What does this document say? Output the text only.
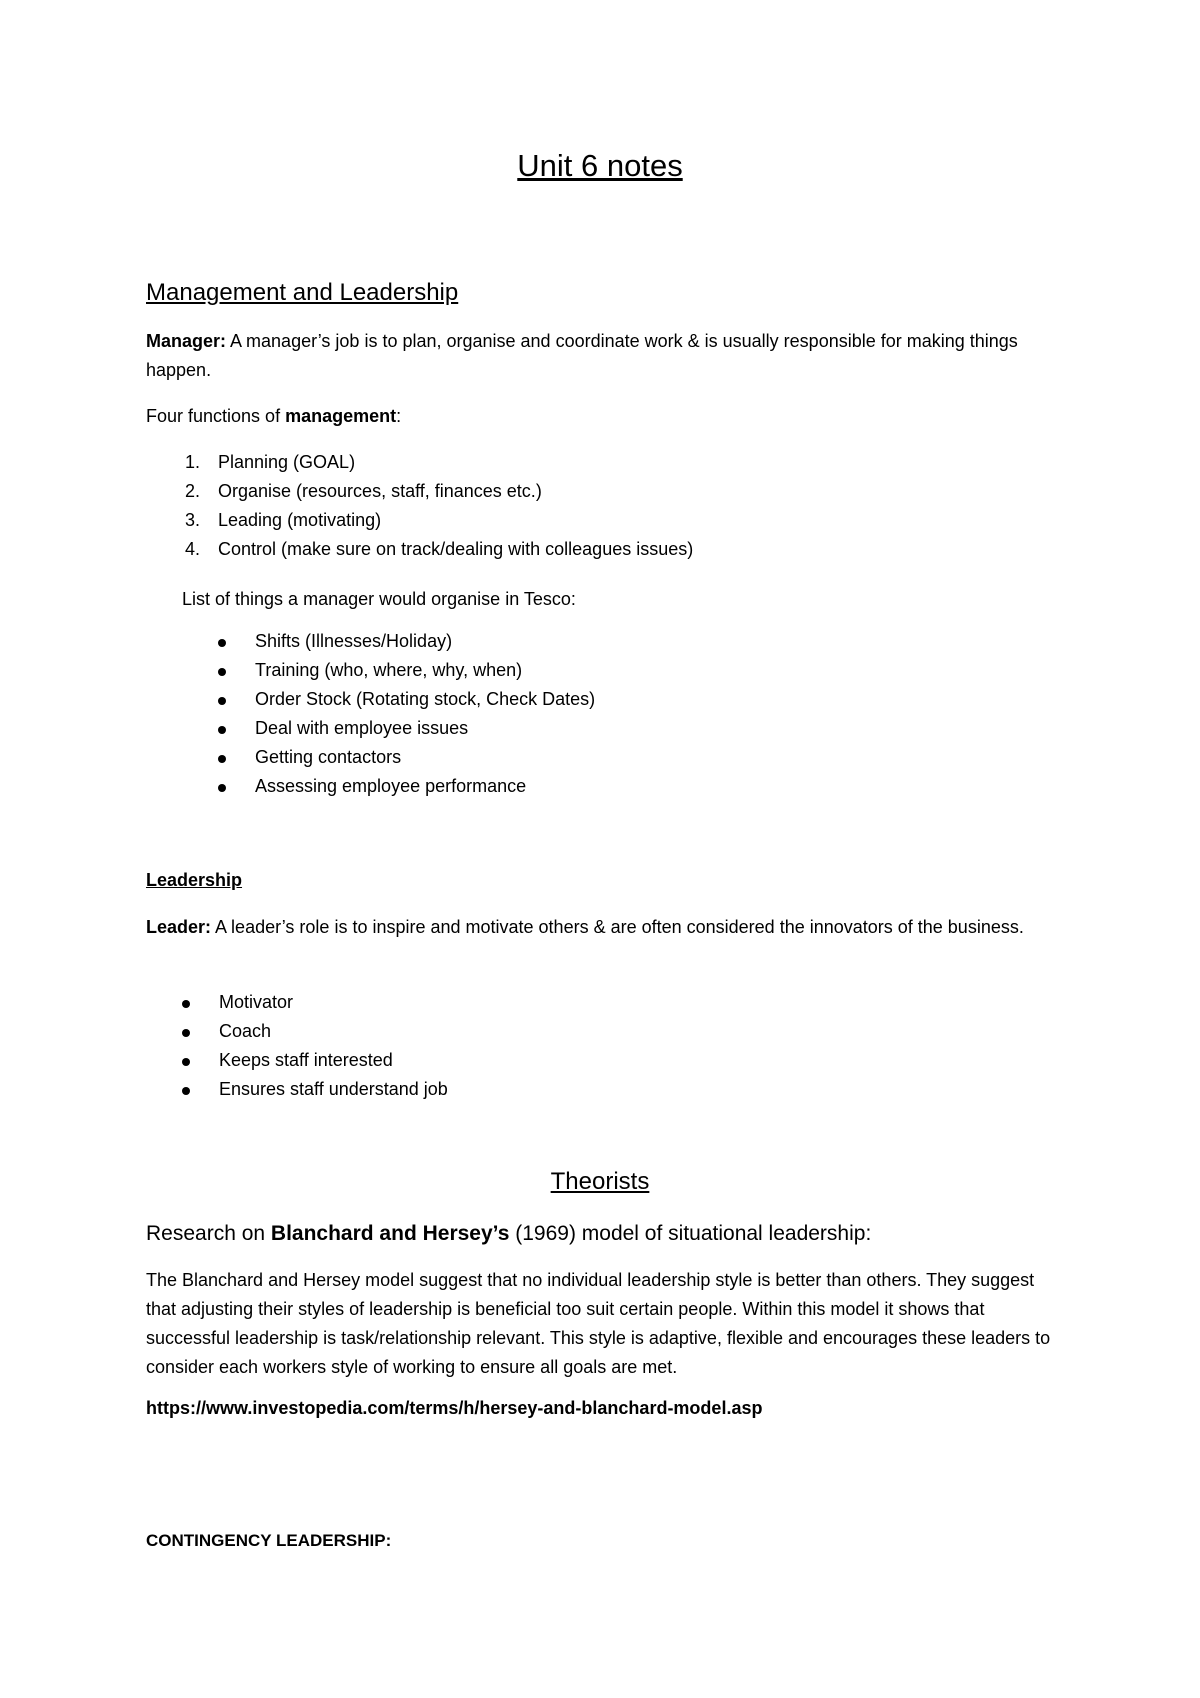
Unit 6 notes
Management and Leadership
Manager: A manager’s job is to plan, organise and coordinate work & is usually responsible for making things happen.
Four functions of management:
1. Planning (GOAL)
2. Organise (resources, staff, finances etc.)
3. Leading (motivating)
4. Control (make sure on track/dealing with colleagues issues)
List of things a manager would organise in Tesco:
Shifts (Illnesses/Holiday)
Training (who, where, why, when)
Order Stock (Rotating stock, Check Dates)
Deal with employee issues
Getting contactors
Assessing employee performance
Leadership
Leader: A leader’s role is to inspire and motivate others & are often considered the innovators of the business.
Motivator
Coach
Keeps staff interested
Ensures staff understand job
Theorists
Research on Blanchard and Hersey’s (1969) model of situational leadership:
The Blanchard and Hersey model suggest that no individual leadership style is better than others. They suggest that adjusting their styles of leadership is beneficial too suit certain people. Within this model it shows that successful leadership is task/relationship relevant. This style is adaptive, flexible and encourages these leaders to consider each workers style of working to ensure all goals are met.
https://www.investopedia.com/terms/h/hersey-and-blanchard-model.asp
CONTINGENCY LEADERSHIP:
